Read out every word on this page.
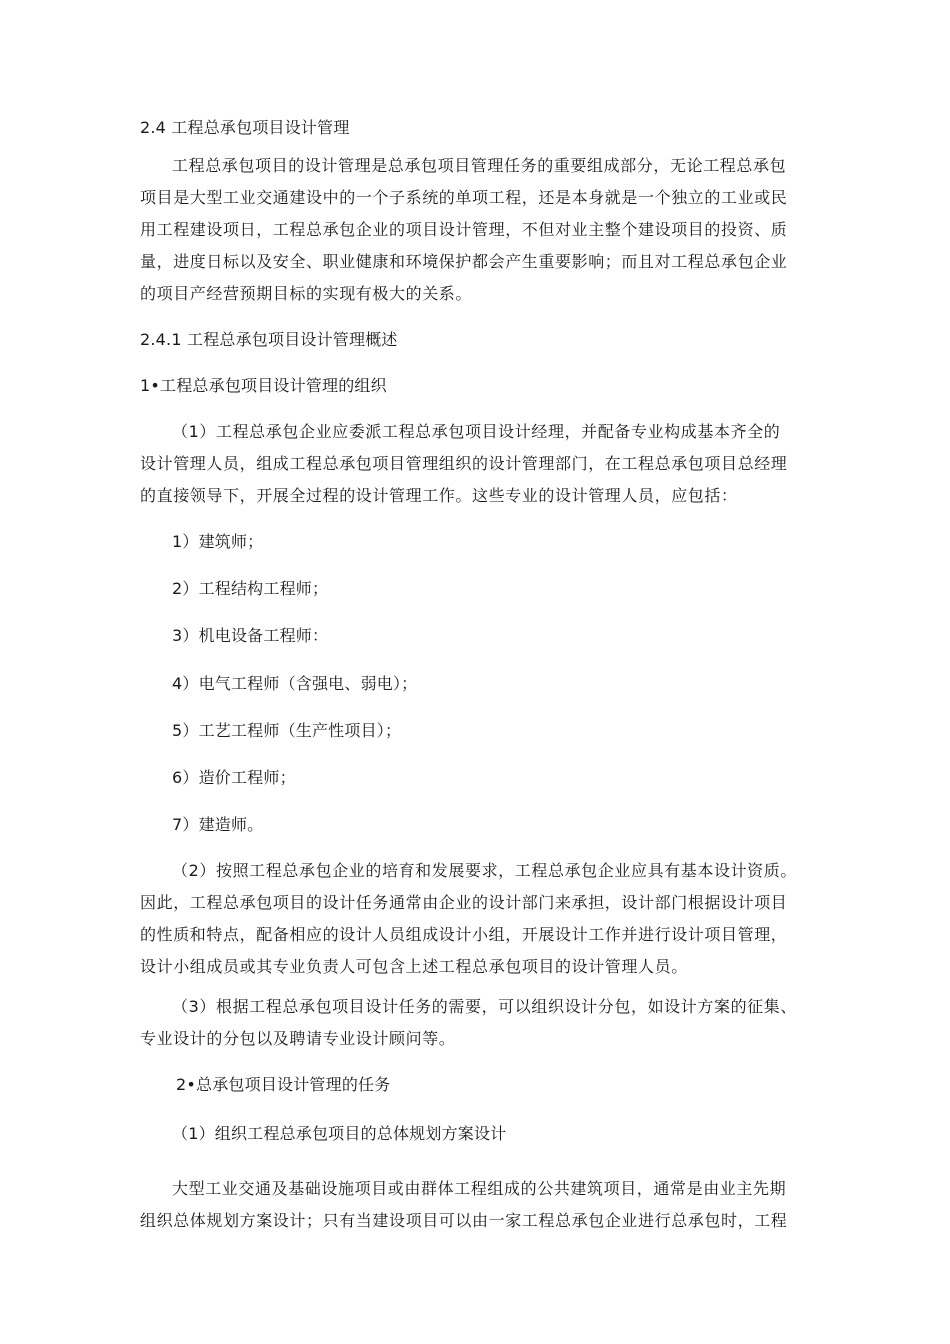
2.4 工程总承包项目设计管理
工程总承包项目的设计管理是总承包项目管理任务的重要组成部分，无论工程总承包
项目是大型工业交通建设中的一个子系统的单项工程，还是本身就是一个独立的工业或民
用工程建设项日，工程总承包企业的项目设计管理，不但对业主整个建设项目的投资、质
量，进度日标以及安全、职业健康和环境保护都会产生重要影响；而且对工程总承包企业
的项目产经营预期目标的实现有极大的关系。
2.4.1 工程总承包项目设计管理概述
1•工程总承包项目设计管理的组织
（1）工程总承包企业应委派工程总承包项目设计经理，并配备专业构成基本齐全的
设计管理人员，组成工程总承包项目管理组织的设计管理部门，在工程总承包项目总经理
的直接领导下，开展全过程的设计管理工作。这些专业的设计管理人员，应包括：
1）建筑师；
2）工程结构工程师；
3）机电设备工程师：
4）电气工程师（含强电、弱电）；
5）工艺工程师（生产性项目）；
6）造价工程师；
7）建造师。
（2）按照工程总承包企业的培育和发展要求，工程总承包企业应具有基本设计资质。
因此，工程总承包项目的设计任务通常由企业的设计部门来承担，设计部门根据设计项目
的性质和特点，配备相应的设计人员组成设计小组，开展设计工作并进行设计项目管理，
设计小组成员或其专业负责人可包含上述工程总承包项目的设计管理人员。
（3）根据工程总承包项目设计任务的需要，可以组织设计分包，如设计方案的征集、
专业设计的分包以及聘请专业设计顾问等。
2•总承包项目设计管理的任务
（1）组织工程总承包项目的总体规划方案设计
大型工业交通及基础设施项目或由群体工程组成的公共建筑项目，通常是由业主先期
组织总体规划方案设计；只有当建设项目可以由一家工程总承包企业进行总承包时，工程
